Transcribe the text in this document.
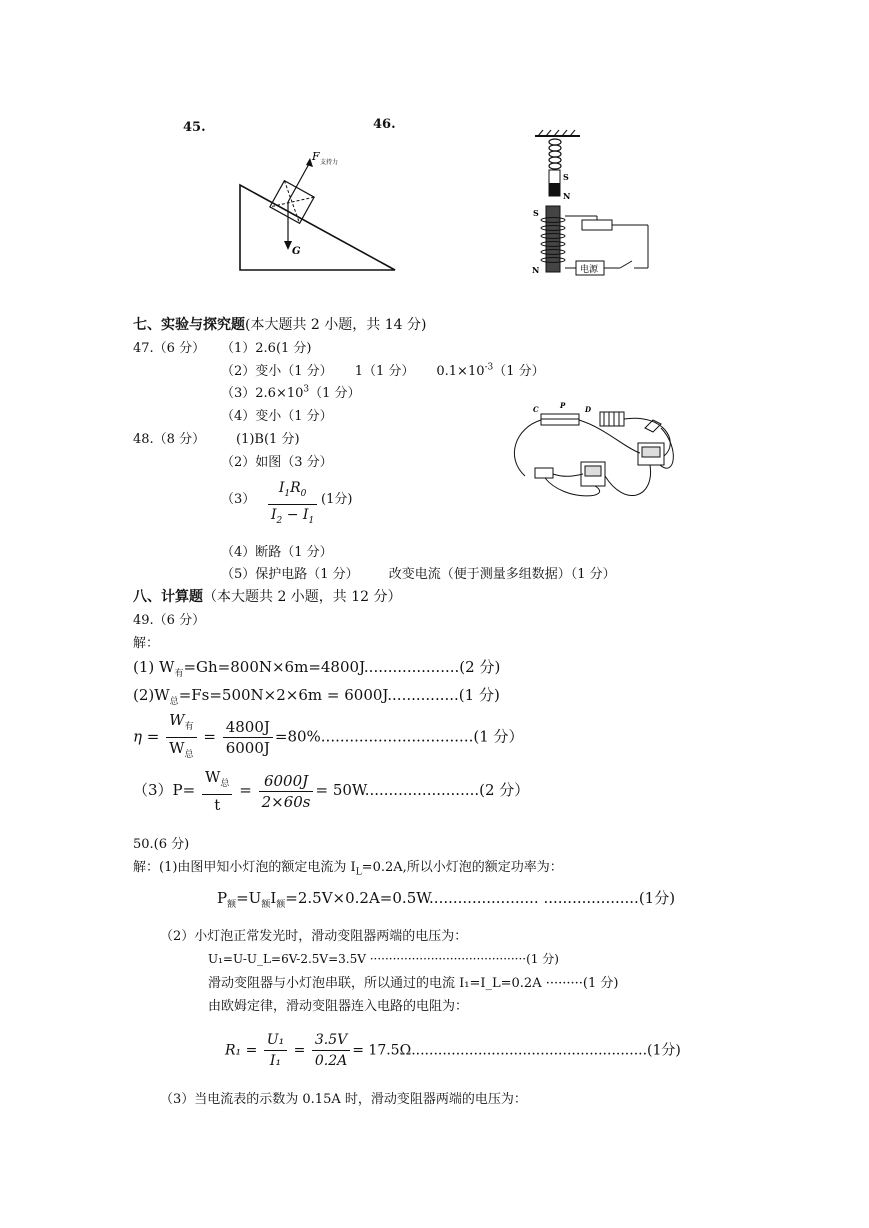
45.	46.
F 支持力
G
S
N
S
N	电源
C	P	D
七、实验与探究题(本大题共 2 小题，共 14 分)
47.（6 分） （1）2.6(1 分)
（2）变小（1 分） 1（1 分） $0.1\times 10^{-3}(1$ 分）
$(3)2.6\times 10^3(1$ 分）
（4）变小（1 分）
48.（8 分） (1)B(1 分)
（2）如图（3 分）
$(3) \frac{I_1R_0}{I_2 - I_1} (1$分)
（4）断路（1 分）
（5）保护电路（1 分） 改变电流（便于测量多组数据）（1 分）
八、计算题（本大题共 2 小题，共 12 分）
49.（6 分）
解：
(1) $W_有=Gh=800N\times 6m=4800J....................(2$ 分)
$(2)W_总=Fs=500N\times 2\times 6m = 6000J...............(1$ 分)
$\eta = \frac{W_有}{W_总} = \frac{4800J}{6000J} =80\%................................(1$ 分）
$(3)P= \frac{W_总}{t} = \frac{6000J}{2\times 60s} = 50W........................(2$ 分）
50.(6 分)
解：(1)由图甲知小灯泡的额定电流为 $I_L=0.2A$,所以小灯泡的额定功率为：
$P_额=U_额I_额=2.5V\times 0.2A=0.5W$....................... ....................(1分)
（2）小灯泡正常发光时，滑动变阻器两端的电压为：
U₁=U-U_L=6V-2.5V=3.5V ·········································(1 分)
滑动变阻器与小灯泡串联，所以通过的电流 I₁=I_L=0.2A ·········(1 分)
由欧姆定律，滑动变阻器连入电路的电阻为：
$R_1 = \frac{\text{U₁}}{\text{I₁}} = \frac{3.5V}{0.2A} = 17.5\Omega.....................................................(1$分)
（3）当电流表的示数为 0.15A 时，滑动变阻器两端的电压为：
